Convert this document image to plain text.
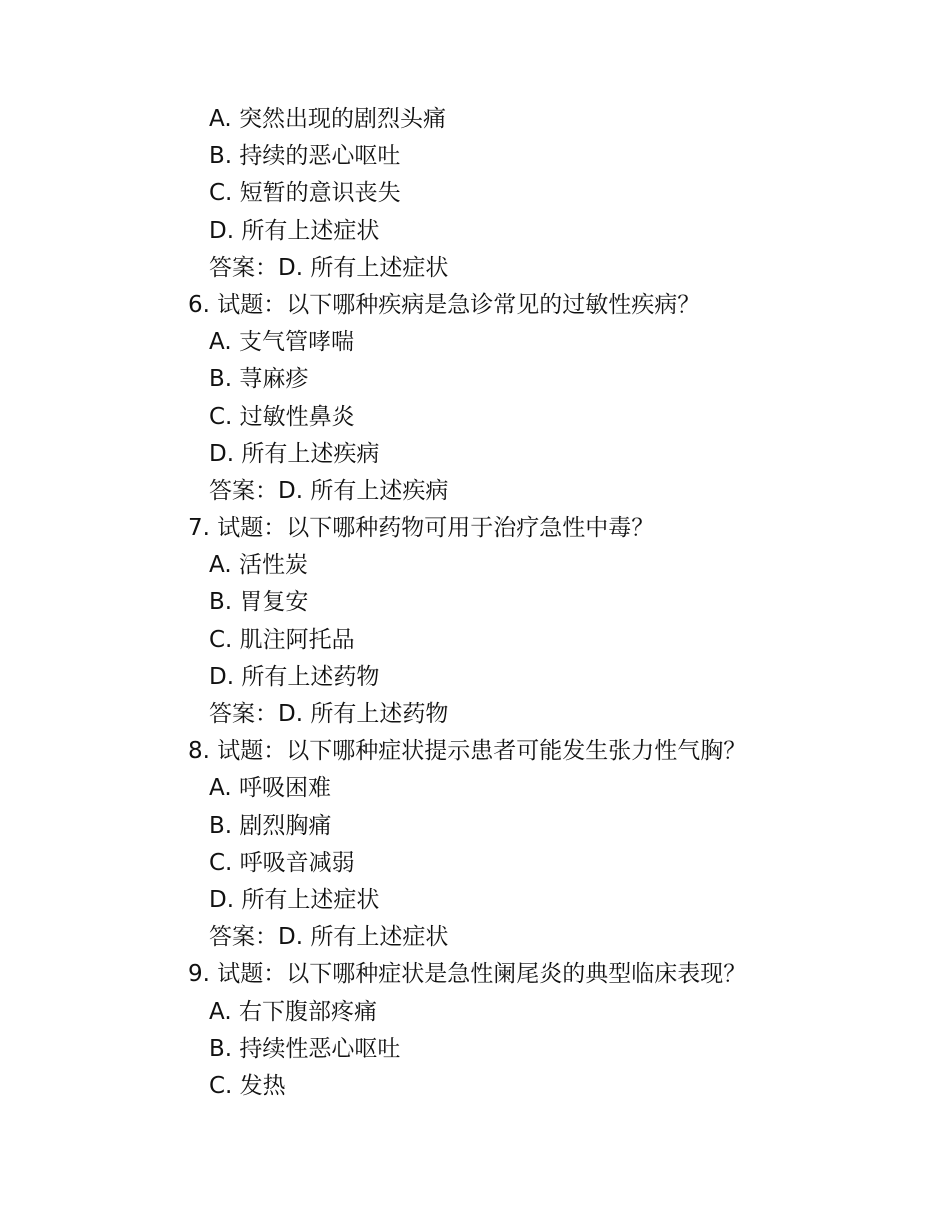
A. 突然出现的剧烈头痛
B. 持续的恶心呕吐
C. 短暂的意识丧失
D. 所有上述症状
答案：D. 所有上述症状
6. 试题：以下哪种疾病是急诊常见的过敏性疾病？
A. 支气管哮喘
B. 荨麻疹
C. 过敏性鼻炎
D. 所有上述疾病
答案：D. 所有上述疾病
7. 试题：以下哪种药物可用于治疗急性中毒？
A. 活性炭
B. 胃复安
C. 肌注阿托品
D. 所有上述药物
答案：D. 所有上述药物
8. 试题：以下哪种症状提示患者可能发生张力性气胸？
A. 呼吸困难
B. 剧烈胸痛
C. 呼吸音减弱
D. 所有上述症状
答案：D. 所有上述症状
9. 试题：以下哪种症状是急性阑尾炎的典型临床表现？
A. 右下腹部疼痛
B. 持续性恶心呕吐
C. 发热
